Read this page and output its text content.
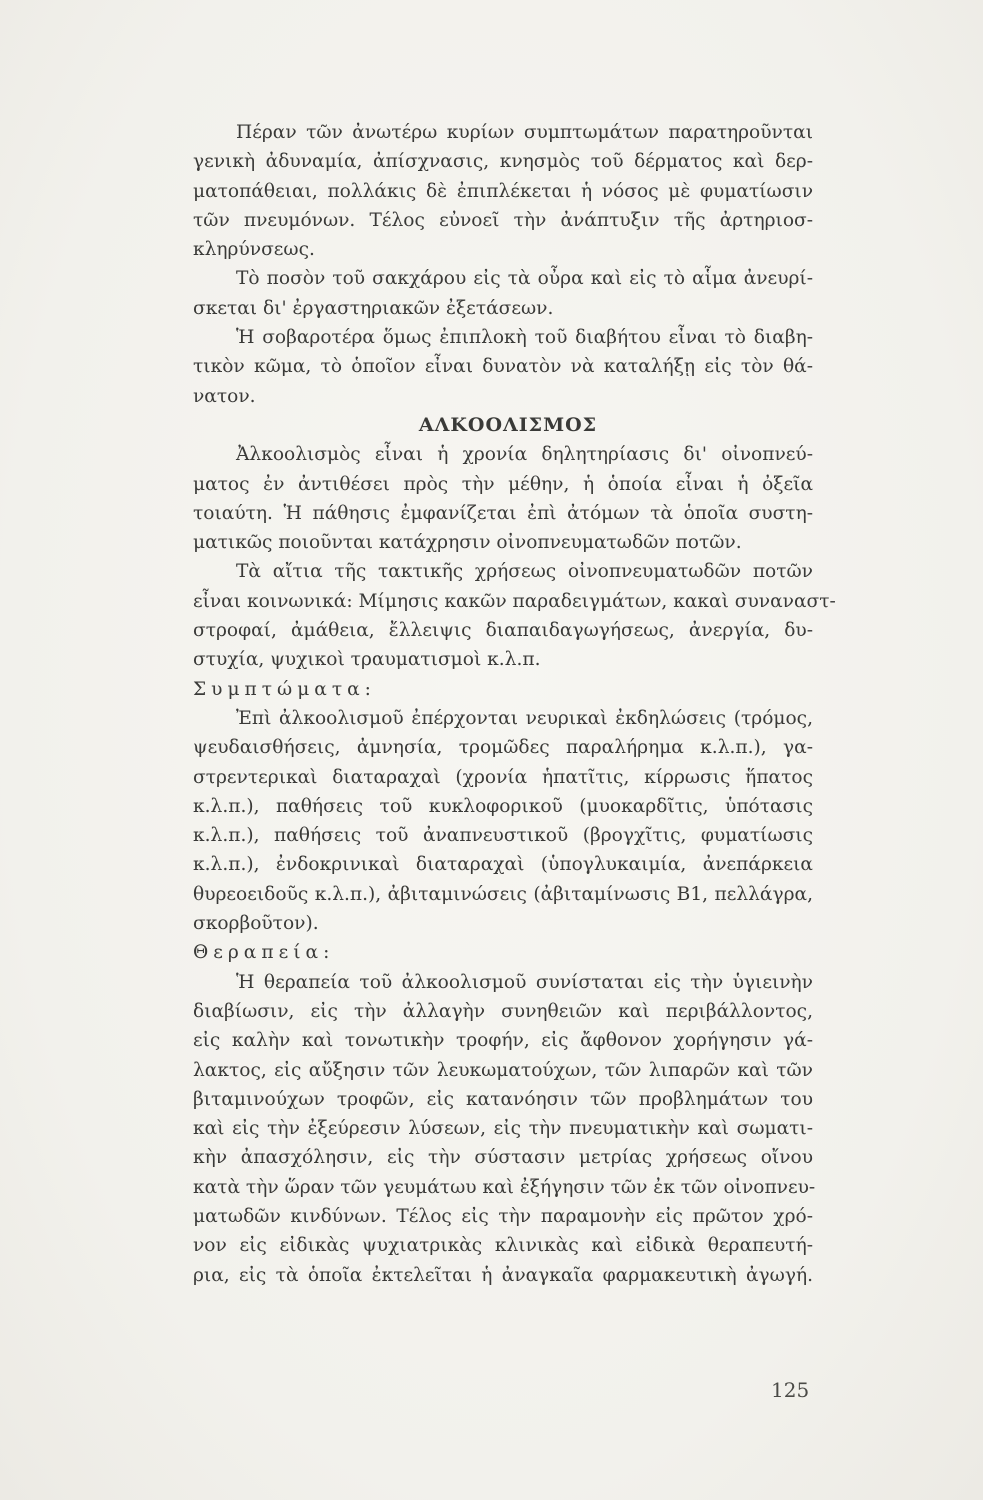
Πέραν τῶν ἀνωτέρω κυρίων συμπτωμάτων παρατηροῦνται
γενικὴ ἀδυναμία, ἀπίσχνασις, κνησμὸς τοῦ δέρματος καὶ δερ-
ματοπάθειαι, πολλάκις δὲ ἐπιπλέκεται ἡ νόσος μὲ φυματίωσιν
τῶν πνευμόνων. Τέλος εὐνοεῖ τὴν ἀνάπτυξιν τῆς ἀρτηριοσ-
κληρύνσεως.
Τὸ ποσὸν τοῦ σακχάρου εἰς τὰ οὖρα καὶ εἰς τὸ αἷμα ἀνευρί-
σκεται δι' ἐργαστηριακῶν ἐξετάσεων.
Ἡ σοβαροτέρα ὅμως ἐπιπλοκὴ τοῦ διαβήτου εἶναι τὸ διαβη-
τικὸν κῶμα, τὸ ὁποῖον εἶναι δυνατὸν νὰ καταλήξῃ εἰς τὸν θά-
νατον.
ΑΛΚΟΟΛΙΣΜΟΣ
Ἀλκοολισμὸς εἶναι ἡ χρονία δηλητηρίασις δι' οἰνοπνεύ-
ματος ἐν ἀντιθέσει πρὸς τὴν μέθην, ἡ ὁποία εἶναι ἡ ὀξεῖα
τοιαύτη. Ἡ πάθησις ἐμφανίζεται ἐπὶ ἀτόμων τὰ ὁποῖα συστη-
ματικῶς ποιοῦνται κατάχρησιν οἰνοπνευματωδῶν ποτῶν.
Τὰ αἴτια τῆς τακτικῆς χρήσεως οἰνοπνευματωδῶν ποτῶν
εἶναι κοινωνικά: Μίμησις κακῶν παραδειγμάτων, κακαὶ συναναστ-
στροφαί, ἀμάθεια, ἔλλειψις διαπαιδαγωγήσεως, ἀνεργία, δυ-
στυχία, ψυχικοὶ τραυματισμοὶ κ.λ.π.
Συμπτώματα:
Ἐπὶ ἀλκοολισμοῦ ἐπέρχονται νευρικαὶ ἐκδηλώσεις (τρόμος,
ψευδαισθήσεις, ἀμνησία, τρομῶδες παραλήρημα κ.λ.π.), γα-
στρεντερικαὶ διαταραχαὶ (χρονία ἡπατῖτις, κίρρωσις ἥπατος
κ.λ.π.), παθήσεις τοῦ κυκλοφορικοῦ (μυοκαρδῖτις, ὑπότασις
κ.λ.π.), παθήσεις τοῦ ἀναπνευστικοῦ (βρογχῖτις, φυματίωσις
κ.λ.π.), ἐνδοκρινικαὶ διαταραχαὶ (ὑπογλυκαιμία, ἀνεπάρκεια
θυρεοειδοῦς κ.λ.π.), ἀβιταμινώσεις (ἀβιταμίνωσις Β1, πελλάγρα,
σκορβοῦτον).
Θεραπεία:
Ἡ θεραπεία τοῦ ἀλκοολισμοῦ συνίσταται εἰς τὴν ὑγιεινὴν
διαβίωσιν, εἰς τὴν ἀλλαγὴν συνηθειῶν καὶ περιβάλλοντος,
εἰς καλὴν καὶ τονωτικὴν τροφήν, εἰς ἄφθονον χορήγησιν γά-
λακτος, εἰς αὔξησιν τῶν λευκωματούχων, τῶν λιπαρῶν καὶ τῶν
βιταμινούχων τροφῶν, εἰς κατανόησιν τῶν προβλημάτων του
καὶ εἰς τὴν ἐξεύρεσιν λύσεων, εἰς τὴν πνευματικὴν καὶ σωματι-
κὴν ἀπασχόλησιν, εἰς τὴν σύστασιν μετρίας χρήσεως οἴνου
κατὰ τὴν ὥραν τῶν γευμάτωυ καὶ ἐξήγησιν τῶν ἐκ τῶν οἰνοπνευ-
ματωδῶν κινδύνων. Τέλος εἰς τὴν παραμονὴν εἰς πρῶτον χρό-
νον εἰς εἰδικὰς ψυχιατρικὰς κλινικὰς καὶ εἰδικὰ θεραπευτή-
ρια, εἰς τὰ ὁποῖα ἐκτελεῖται ἡ ἀναγκαῖα φαρμακευτικὴ ἀγωγή.
125
